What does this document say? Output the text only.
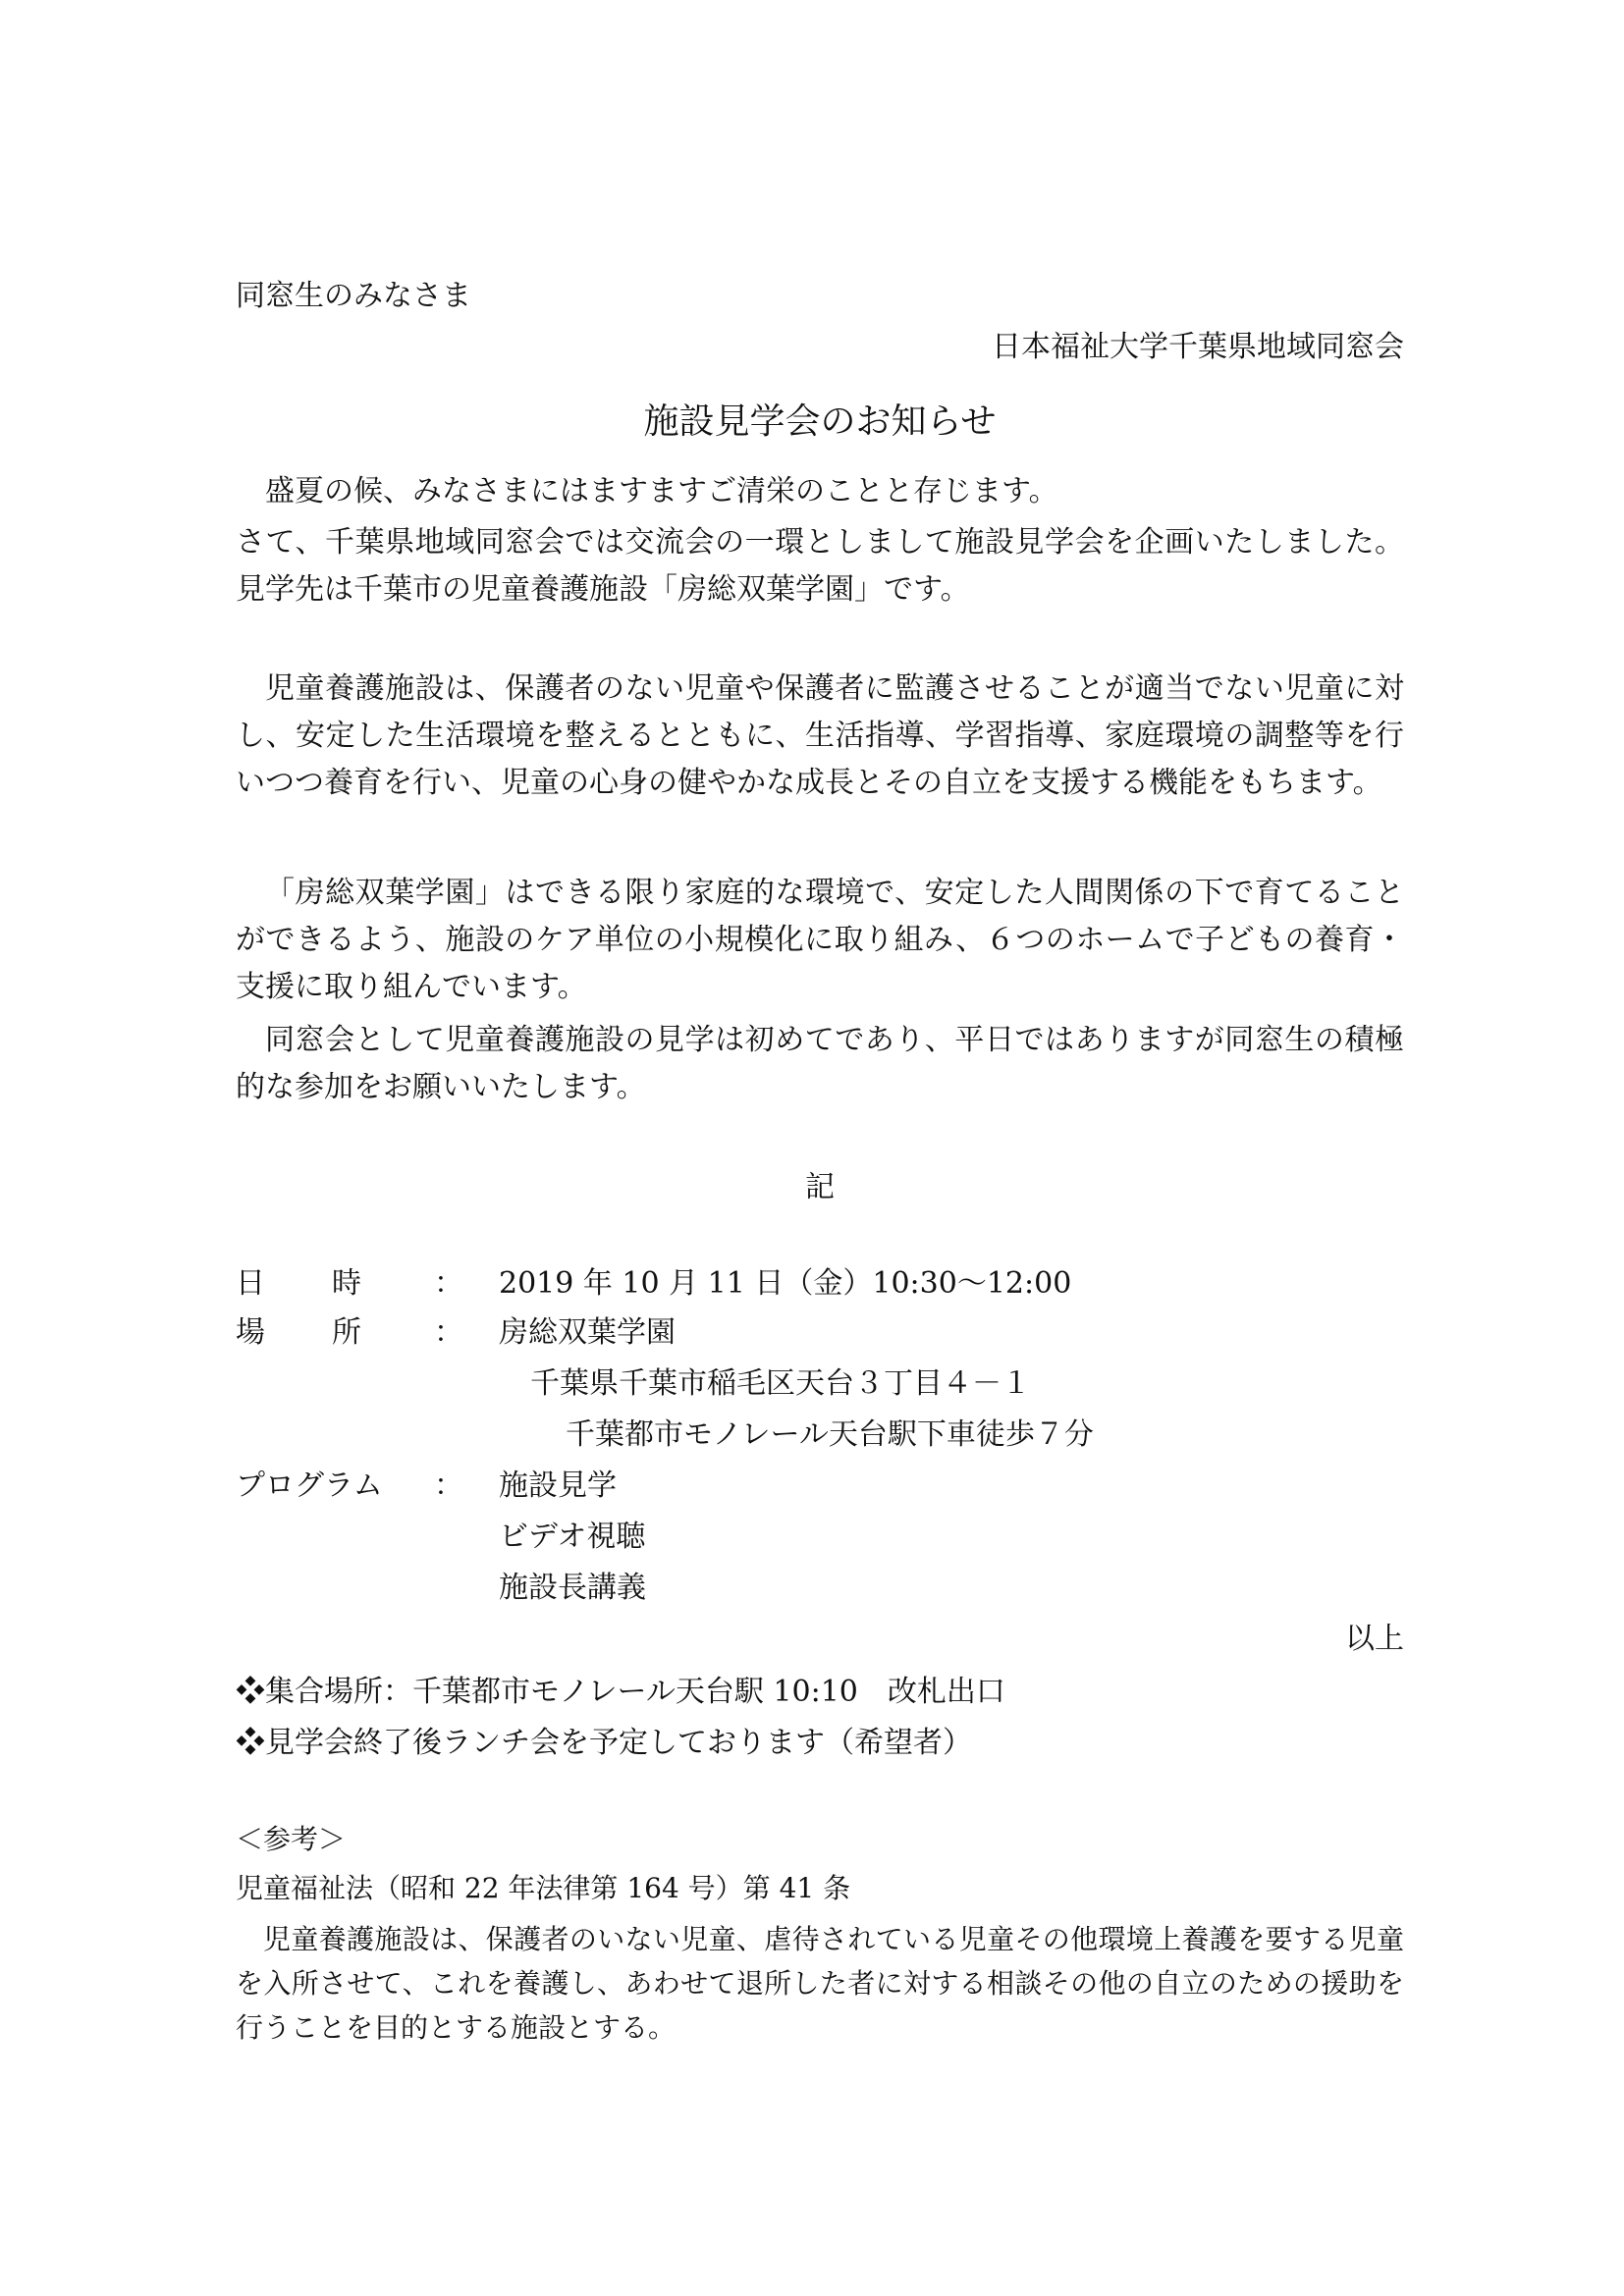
同窓生のみなさま

日本福祉大学千葉県地域同窓会

施設見学会のお知らせ

盛夏の候、みなさまにはますますご清栄のことと存じます。

さて、千葉県地域同窓会では交流会の一環としまして施設見学会を企画いたしました。見学先は千葉市の児童養護施設「房総双葉学園」です。

児童養護施設は、保護者のない児童や保護者に監護させることが適当でない児童に対し、安定した生活環境を整えるとともに、生活指導、学習指導、家庭環境の調整等を行いつつ養育を行い、児童の心身の健やかな成長とその自立を支援する機能をもちます。

「房総双葉学園」はできる限り家庭的な環境で、安定した人間関係の下で育てることができるよう、施設のケア単位の小規模化に取り組み、６つのホームで子どもの養育・支援に取り組んでいます。

同窓会として児童養護施設の見学は初めてであり、平日ではありますが同窓生の積極的な参加をお願いいたします。

記

日 時 ： 2019 年 10 月 11 日（金）10:30～12:00
場 所 ： 房総双葉学園
千葉県千葉市稲毛区天台３丁目４－１
千葉都市モノレール天台駅下車徒歩７分
プログラム ： 施設見学
ビデオ視聴
施設長講義

以上

❖集合場所：千葉都市モノレール天台駅 10:10　改札出口

❖見学会終了後ランチ会を予定しております（希望者）

＜参考＞

児童福祉法（昭和 22 年法律第 164 号）第 41 条

児童養護施設は、保護者のいない児童、虐待されている児童その他環境上養護を要する児童を入所させて、これを養護し、あわせて退所した者に対する相談その他の自立のための援助を行うことを目的とする施設とする。
